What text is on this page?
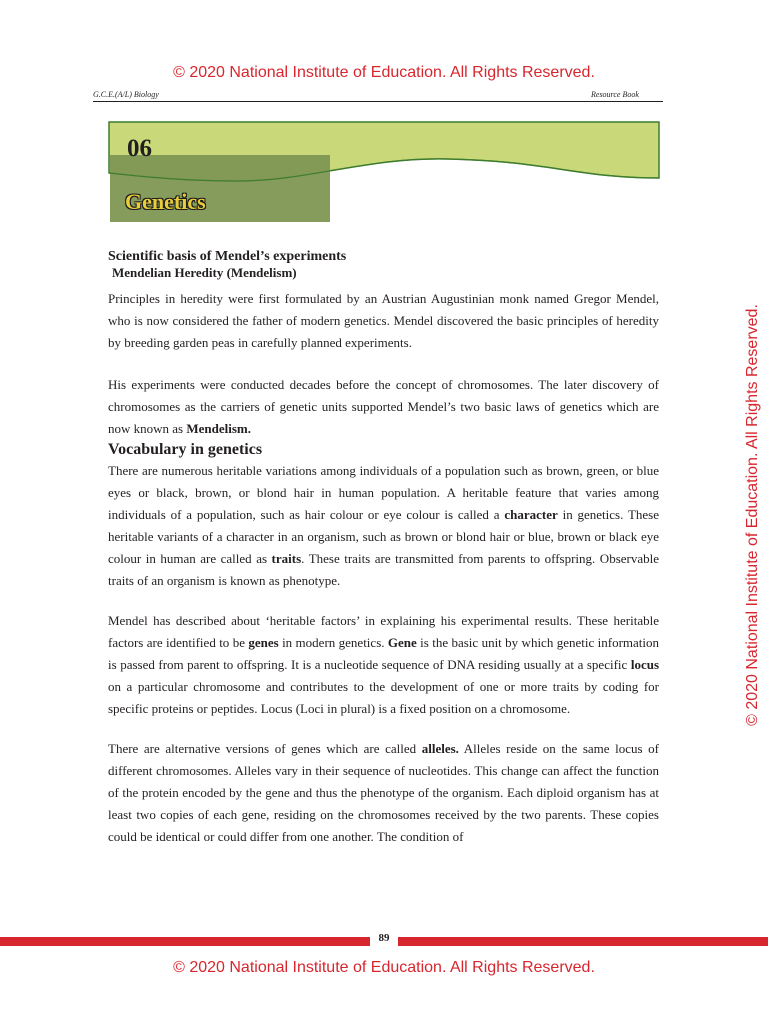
© 2020 National Institute of Education. All Rights Reserved.
G.C.E.(A/L) Biology	Resource Book
06
Genetics
Scientific basis of Mendel’s experiments
Mendelian Heredity (Mendelism)

Principles in heredity were first formulated by an Austrian Augustinian monk named Gregor Mendel, who is now considered the father of modern genetics. Mendel discovered the basic principles of heredity by breeding garden peas in carefully planned experiments.

His experiments were conducted decades before the concept of chromosomes. The later discovery of chromosomes as the carriers of genetic units supported Mendel’s two basic laws of genetics which are now known as Mendelism.

Vocabulary in genetics

There are numerous heritable variations among individuals of a population such as brown, green, or blue eyes or black, brown, or blond hair in human population. A heritable feature that varies among individuals of a population, such as hair colour or eye colour is called a character in genetics. These heritable variants of a character in an organism, such as brown or blond hair or blue, brown or black eye colour in human are called as traits. These traits are transmitted from parents to offspring. Observable traits of an organism is known as phenotype.

Mendel has described about ‘heritable factors’ in explaining his experimental results. These heritable factors are identified to be genes in modern genetics. Gene is the basic unit by which genetic information is passed from parent to offspring. It is a nucleotide sequence of DNA residing usually at a specific locus on a particular chromosome and contributes to the development of one or more traits by coding for specific proteins or peptides. Locus (Loci in plural) is a fixed position on a chromosome.

There are alternative versions of genes which are called alleles. Alleles reside on the same locus of different chromosomes. Alleles vary in their sequence of nucleotides. This change can affect the function of the protein encoded by the gene and thus the phenotype of the organism. Each diploid organism has at least two copies of each gene, residing on the chromosomes received by the two parents. These copies could be identical or could differ from one another. The condition of

© 2020 National Institute of Education. All Rights Reserved.
89
© 2020 National Institute of Education. All Rights Reserved.
